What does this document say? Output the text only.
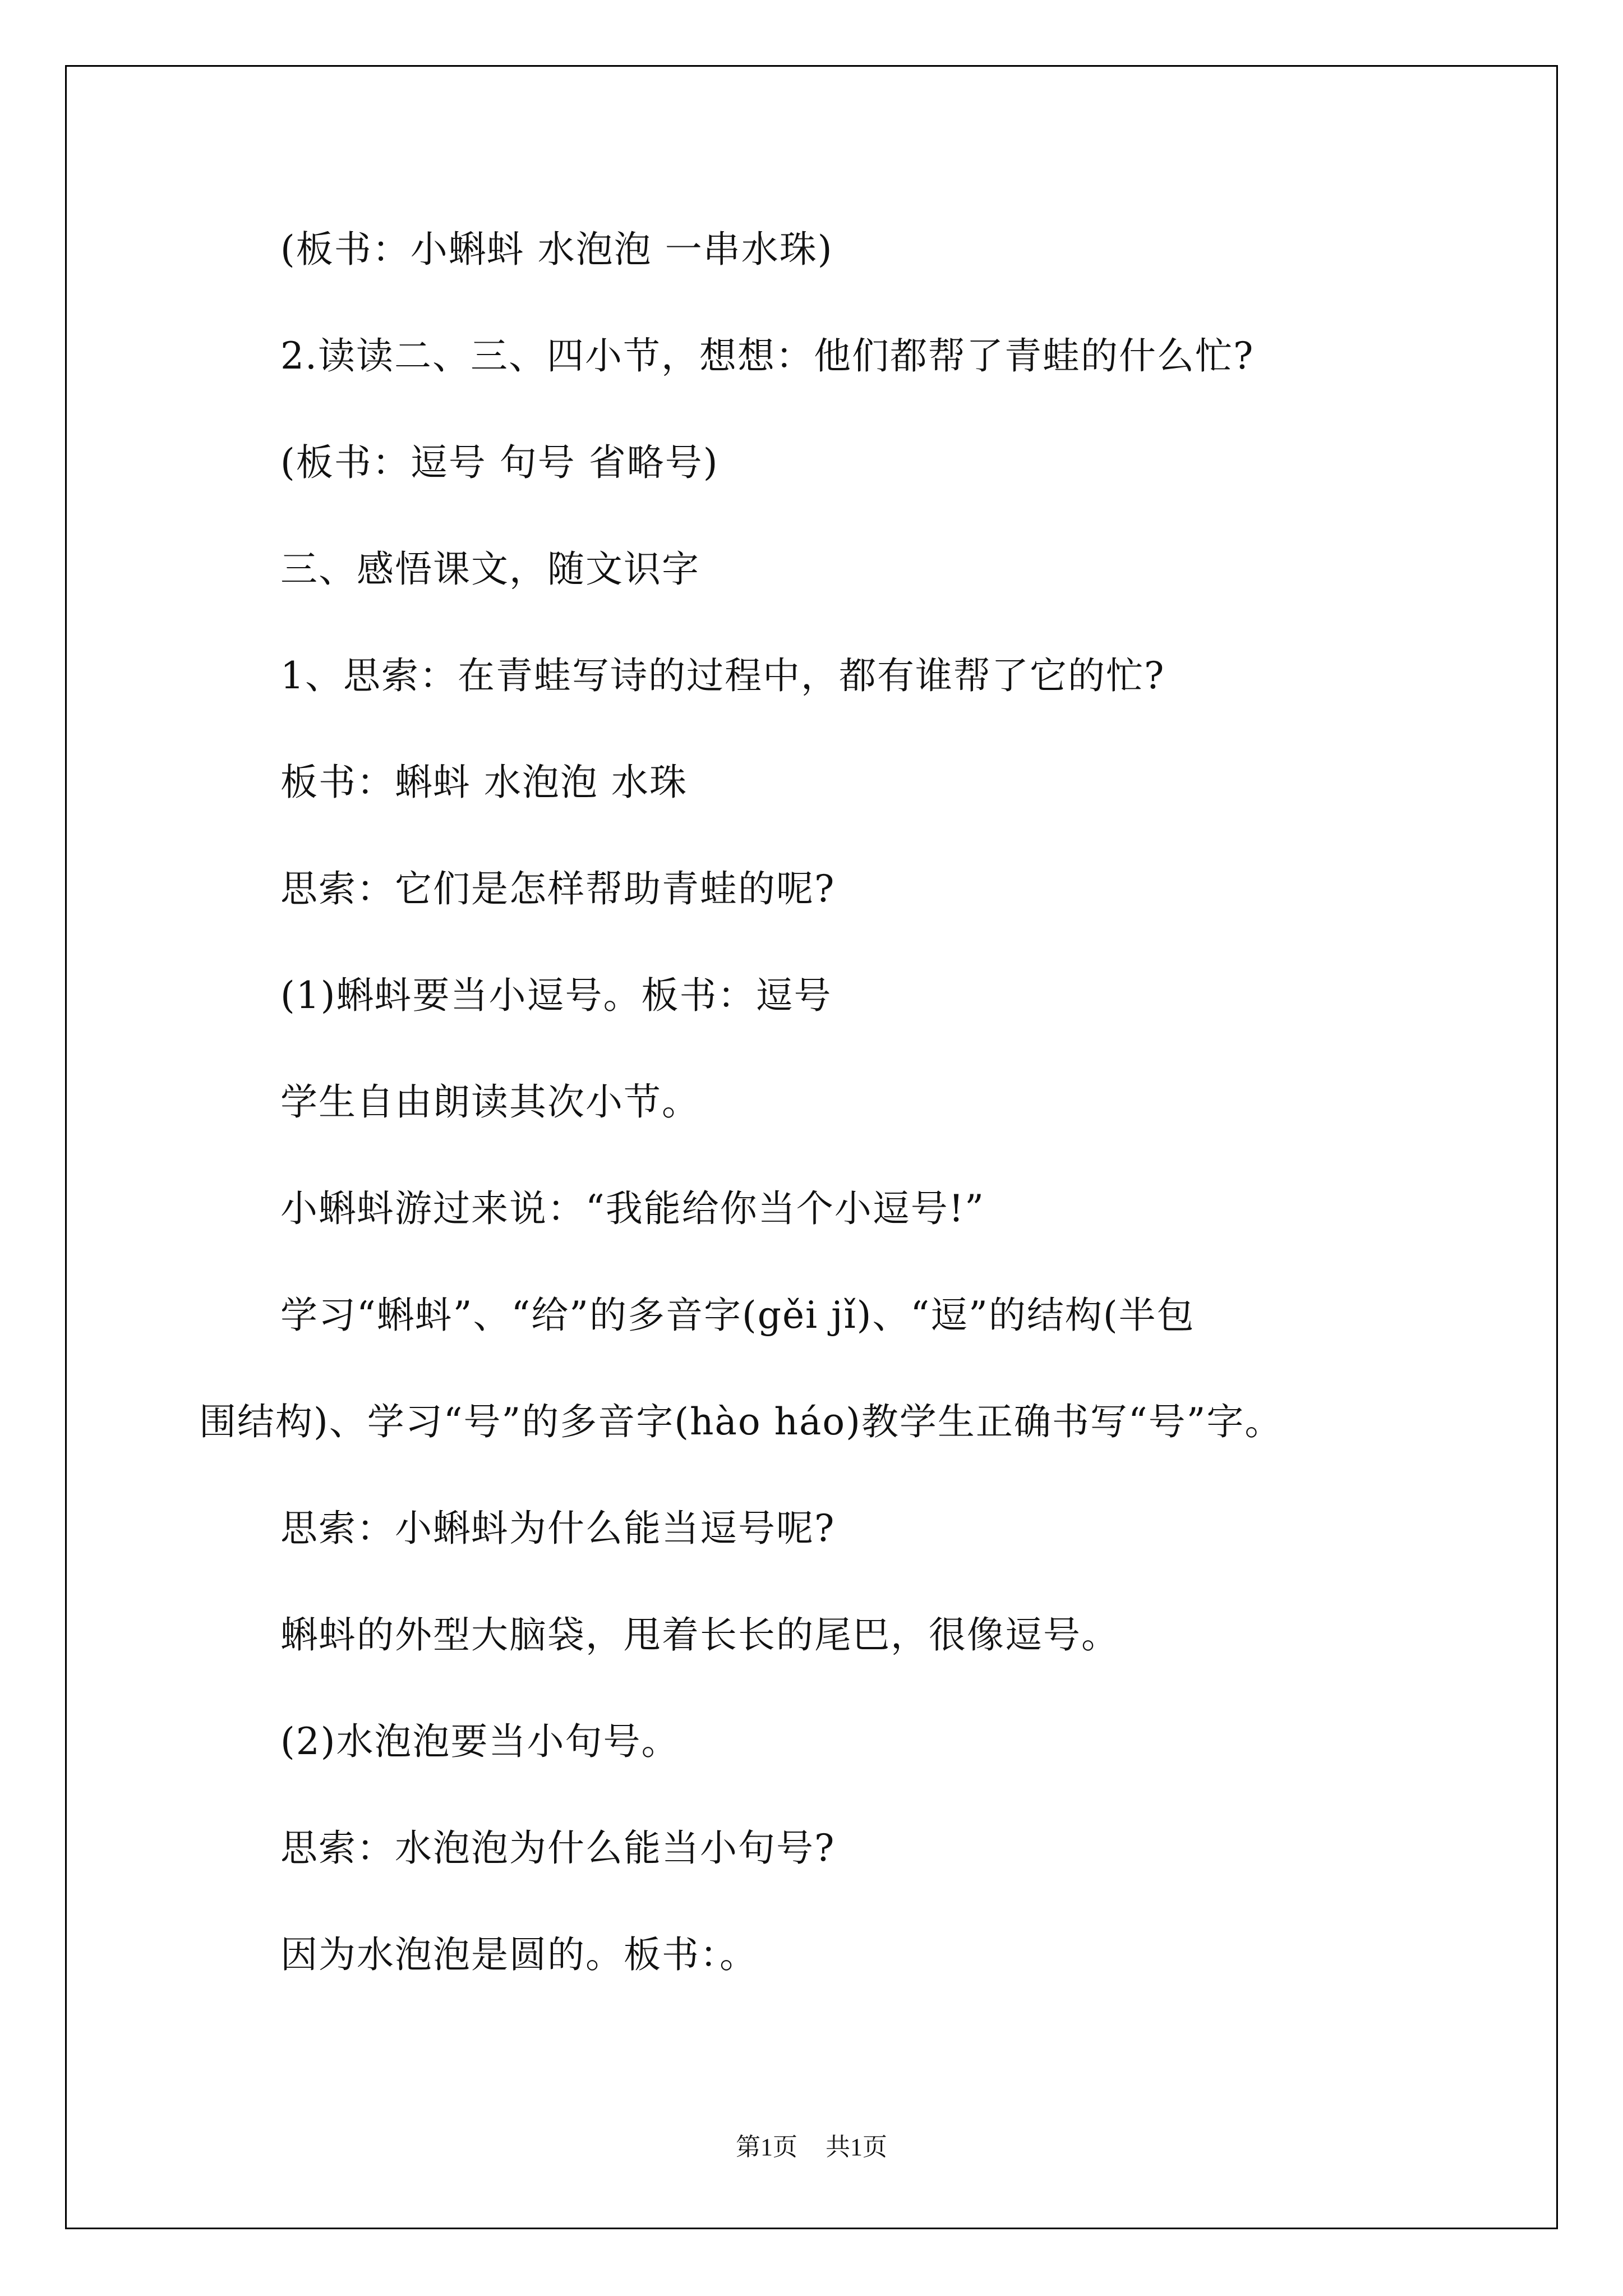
(板书：小蝌蚪 水泡泡 一串水珠)
2.读读二、三、四小节，想想：他们都帮了青蛙的什么忙?
(板书：逗号 句号 省略号)
三、感悟课文，随文识字
1、思索：在青蛙写诗的过程中，都有谁帮了它的忙?
板书：蝌蚪 水泡泡 水珠
思索：它们是怎样帮助青蛙的呢?
(1)蝌蚪要当小逗号。板书：逗号
学生自由朗读其次小节。
小蝌蚪游过来说：“我能给你当个小逗号!”
学习“蝌蚪”、“给”的多音字(gěi jǐ)、“逗”的结构(半包
围结构)、学习“号”的多音字(hào háo)教学生正确书写“号”字。
思索：小蝌蚪为什么能当逗号呢?
蝌蚪的外型大脑袋，甩着长长的尾巴，很像逗号。
(2)水泡泡要当小句号。
思索：水泡泡为什么能当小句号?
因为水泡泡是圆的。板书：。
第1页 共1页
